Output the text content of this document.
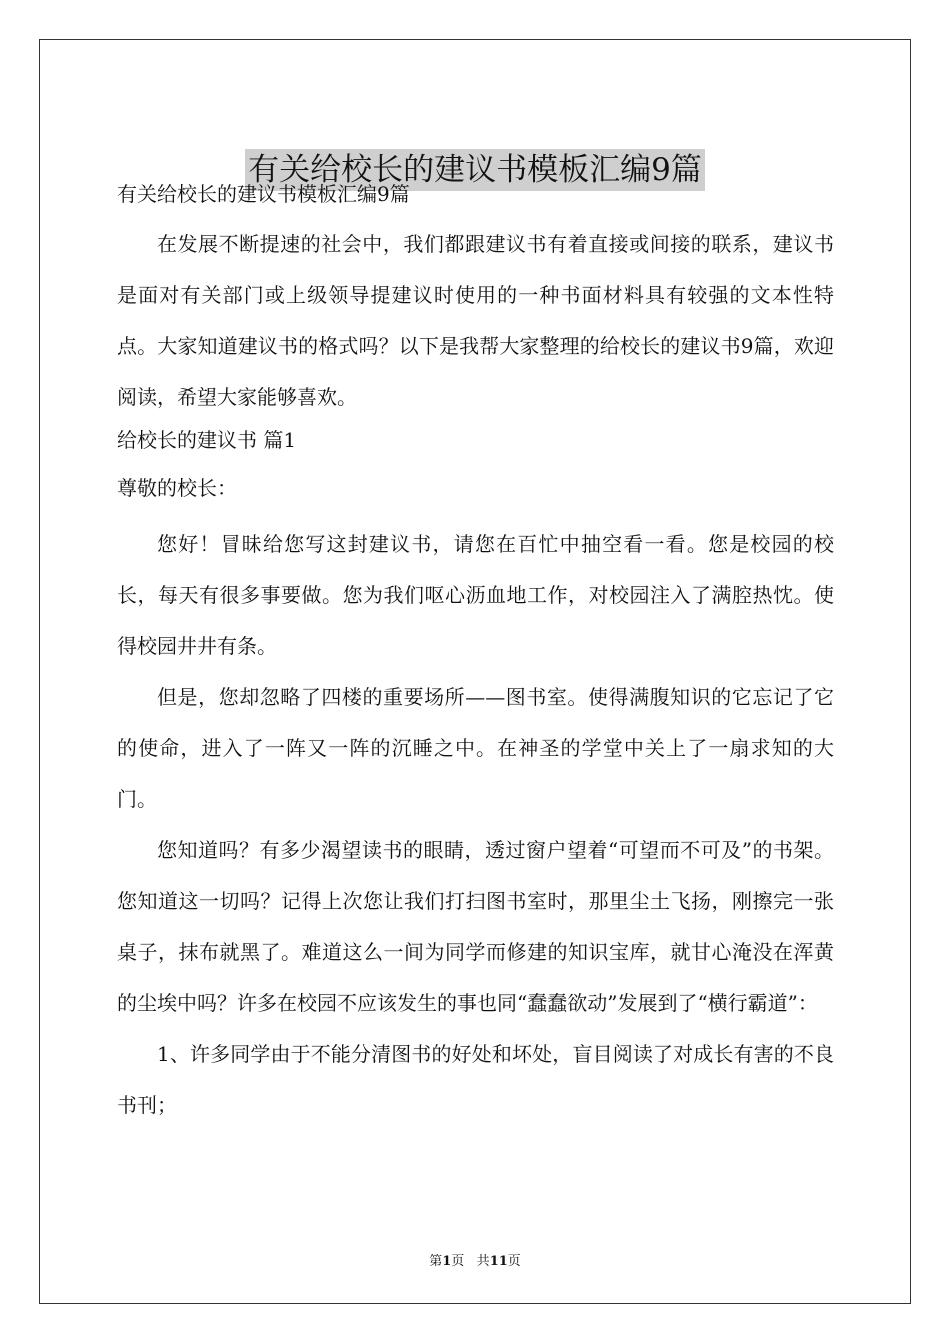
有关给校长的建议书模板汇编9篇

有关给校长的建议书模板汇编9篇

在发展不断提速的社会中，我们都跟建议书有着直接或间接的联系，建议书是面对有关部门或上级领导提建议时使用的一种书面材料具有较强的文本性特点。大家知道建议书的格式吗？以下是我帮大家整理的给校长的建议书9篇，欢迎阅读，希望大家能够喜欢。

给校长的建议书 篇1

尊敬的校长：

您好！冒昧给您写这封建议书，请您在百忙中抽空看一看。您是校园的校长，每天有很多事要做。您为我们呕心沥血地工作，对校园注入了满腔热忱。使得校园井井有条。

但是，您却忽略了四楼的重要场所——图书室。使得满腹知识的它忘记了它的使命，进入了一阵又一阵的沉睡之中。在神圣的学堂中关上了一扇求知的大门。

您知道吗？有多少渴望读书的眼睛，透过窗户望着“可望而不可及”的书架。您知道这一切吗？记得上次您让我们打扫图书室时，那里尘土飞扬，刚擦完一张桌子，抹布就黑了。难道这么一间为同学而修建的知识宝库，就甘心淹没在浑黄的尘埃中吗？许多在校园不应该发生的事也同“蠢蠢欲动”发展到了“横行霸道”：

1、许多同学由于不能分清图书的好处和坏处，盲目阅读了对成长有害的不良书刊；

第1页 共11页
